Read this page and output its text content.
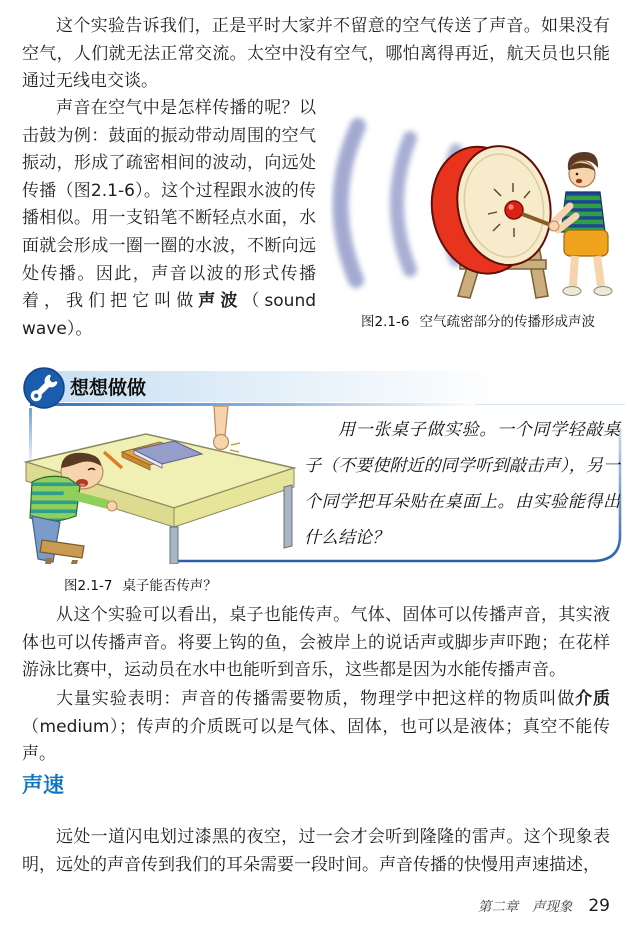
这个实验告诉我们，正是平时大家并不留意的空气传送了声音。如果没有空气，人们就无法正常交流。太空中没有空气，哪怕离得再近，航天员也只能通过无线电交谈。
声音在空气中是怎样传播的呢？以击鼓为例：鼓面的振动带动周围的空气振动，形成了疏密相间的波动，向远处传播（图2.1-6）。这个过程跟水波的传播相似。用一支铅笔不断轻点水面，水面就会形成一圈一圈的水波，不断向远处传播。因此，声音以波的形式传播着，我们把它叫做声波（sound wave）。	图2.1-6 空气疏密部分的传播形成声波
想想做做
用一张桌子做实验。一个同学轻敲桌子（不要使附近的同学听到敲击声），另一个同学把耳朵贴在桌面上。由实验能得出什么结论？
图2.1-7 桌子能否传声？
从这个实验可以看出，桌子也能传声。气体、固体可以传播声音，其实液体也可以传播声音。将要上钩的鱼，会被岸上的说话声或脚步声吓跑；在花样游泳比赛中，运动员在水中也能听到音乐，这些都是因为水能传播声音。
大量实验表明：声音的传播需要物质，物理学中把这样的物质叫做介质（medium）；传声的介质既可以是气体、固体，也可以是液体；真空不能传声。
声速
远处一道闪电划过漆黑的夜空，过一会才会听到隆隆的雷声。这个现象表明，远处的声音传到我们的耳朵需要一段时间。声音传播的快慢用声速描述，
第二章　声现象 29
